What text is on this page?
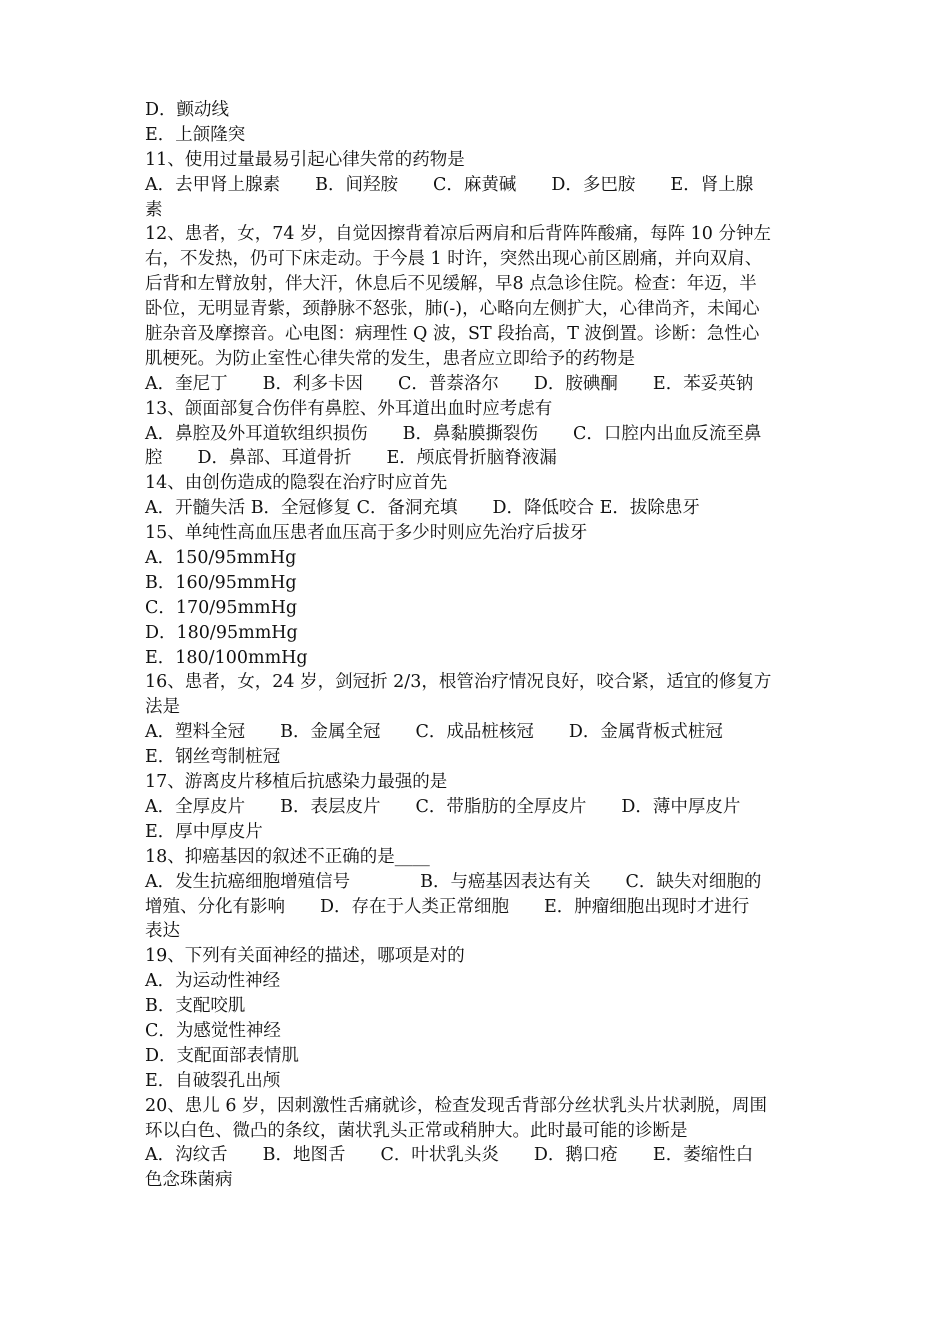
D．颤动线
E．上颌隆突
11、使用过量最易引起心律失常的药物是
A．去甲肾上腺素　　B．间羟胺　　C．麻黄碱　　D．多巴胺　　E．肾上腺
素
12、患者，女，74 岁，自觉因擦背着凉后两肩和后背阵阵酸痛，每阵 10 分钟左
右，不发热，仍可下床走动。于今晨 1 时许，突然出现心前区剧痛，并向双肩、
后背和左臂放射，伴大汗，休息后不见缓解，早8 点急诊住院。检查：年迈，半
卧位，无明显青紫，颈静脉不怒张，肺(-)，心略向左侧扩大，心律尚齐，未闻心
脏杂音及摩擦音。心电图：病理性 Q 波，ST 段抬高，T 波倒置。诊断：急性心
肌梗死。为防止室性心律失常的发生，患者应立即给予的药物是
A．奎尼丁　　B．利多卡因　　C．普萘洛尔　　D．胺碘酮　　E．苯妥英钠
13、颌面部复合伤伴有鼻腔、外耳道出血时应考虑有
A．鼻腔及外耳道软组织损伤　　B．鼻黏膜撕裂伤　　C．口腔内出血反流至鼻
腔　　D．鼻部、耳道骨折　　E．颅底骨折脑脊液漏
14、由创伤造成的隐裂在治疗时应首先
A．开髓失活 B．全冠修复 C．备洞充填　　D．降低咬合 E．拔除患牙
15、单纯性高血压患者血压高于多少时则应先治疗后拔牙
A．150/95mmHg
B．160/95mmHg
C．170/95mmHg
D．180/95mmHg
E．180/100mmHg
16、患者，女，24 岁，剑冠折 2/3，根管治疗情况良好，咬合紧，适宜的修复方
法是
A．塑料全冠　　B．金属全冠　　C．成品桩核冠　　D．金属背板式桩冠
E．钢丝弯制桩冠
17、游离皮片移植后抗感染力最强的是
A．全厚皮片　　B．表层皮片　　C．带脂肪的全厚皮片　　D．薄中厚皮片
E．厚中厚皮片
18、抑癌基因的叙述不正确的是____
A．发生抗癌细胞增殖信号　　　　B．与癌基因表达有关　　C．缺失对细胞的
增殖、分化有影响　　D．存在于人类正常细胞　　E．肿瘤细胞出现时才进行
表达
19、下列有关面神经的描述，哪项是对的
A．为运动性神经
B．支配咬肌
C．为感觉性神经
D．支配面部表情肌
E．自破裂孔出颅
20、患儿 6 岁，因刺激性舌痛就诊，检查发现舌背部分丝状乳头片状剥脱，周围
环以白色、微凸的条纹，菌状乳头正常或稍肿大。此时最可能的诊断是
A．沟纹舌　　B．地图舌　　C．叶状乳头炎　　D．鹅口疮　　E．萎缩性白
色念珠菌病
